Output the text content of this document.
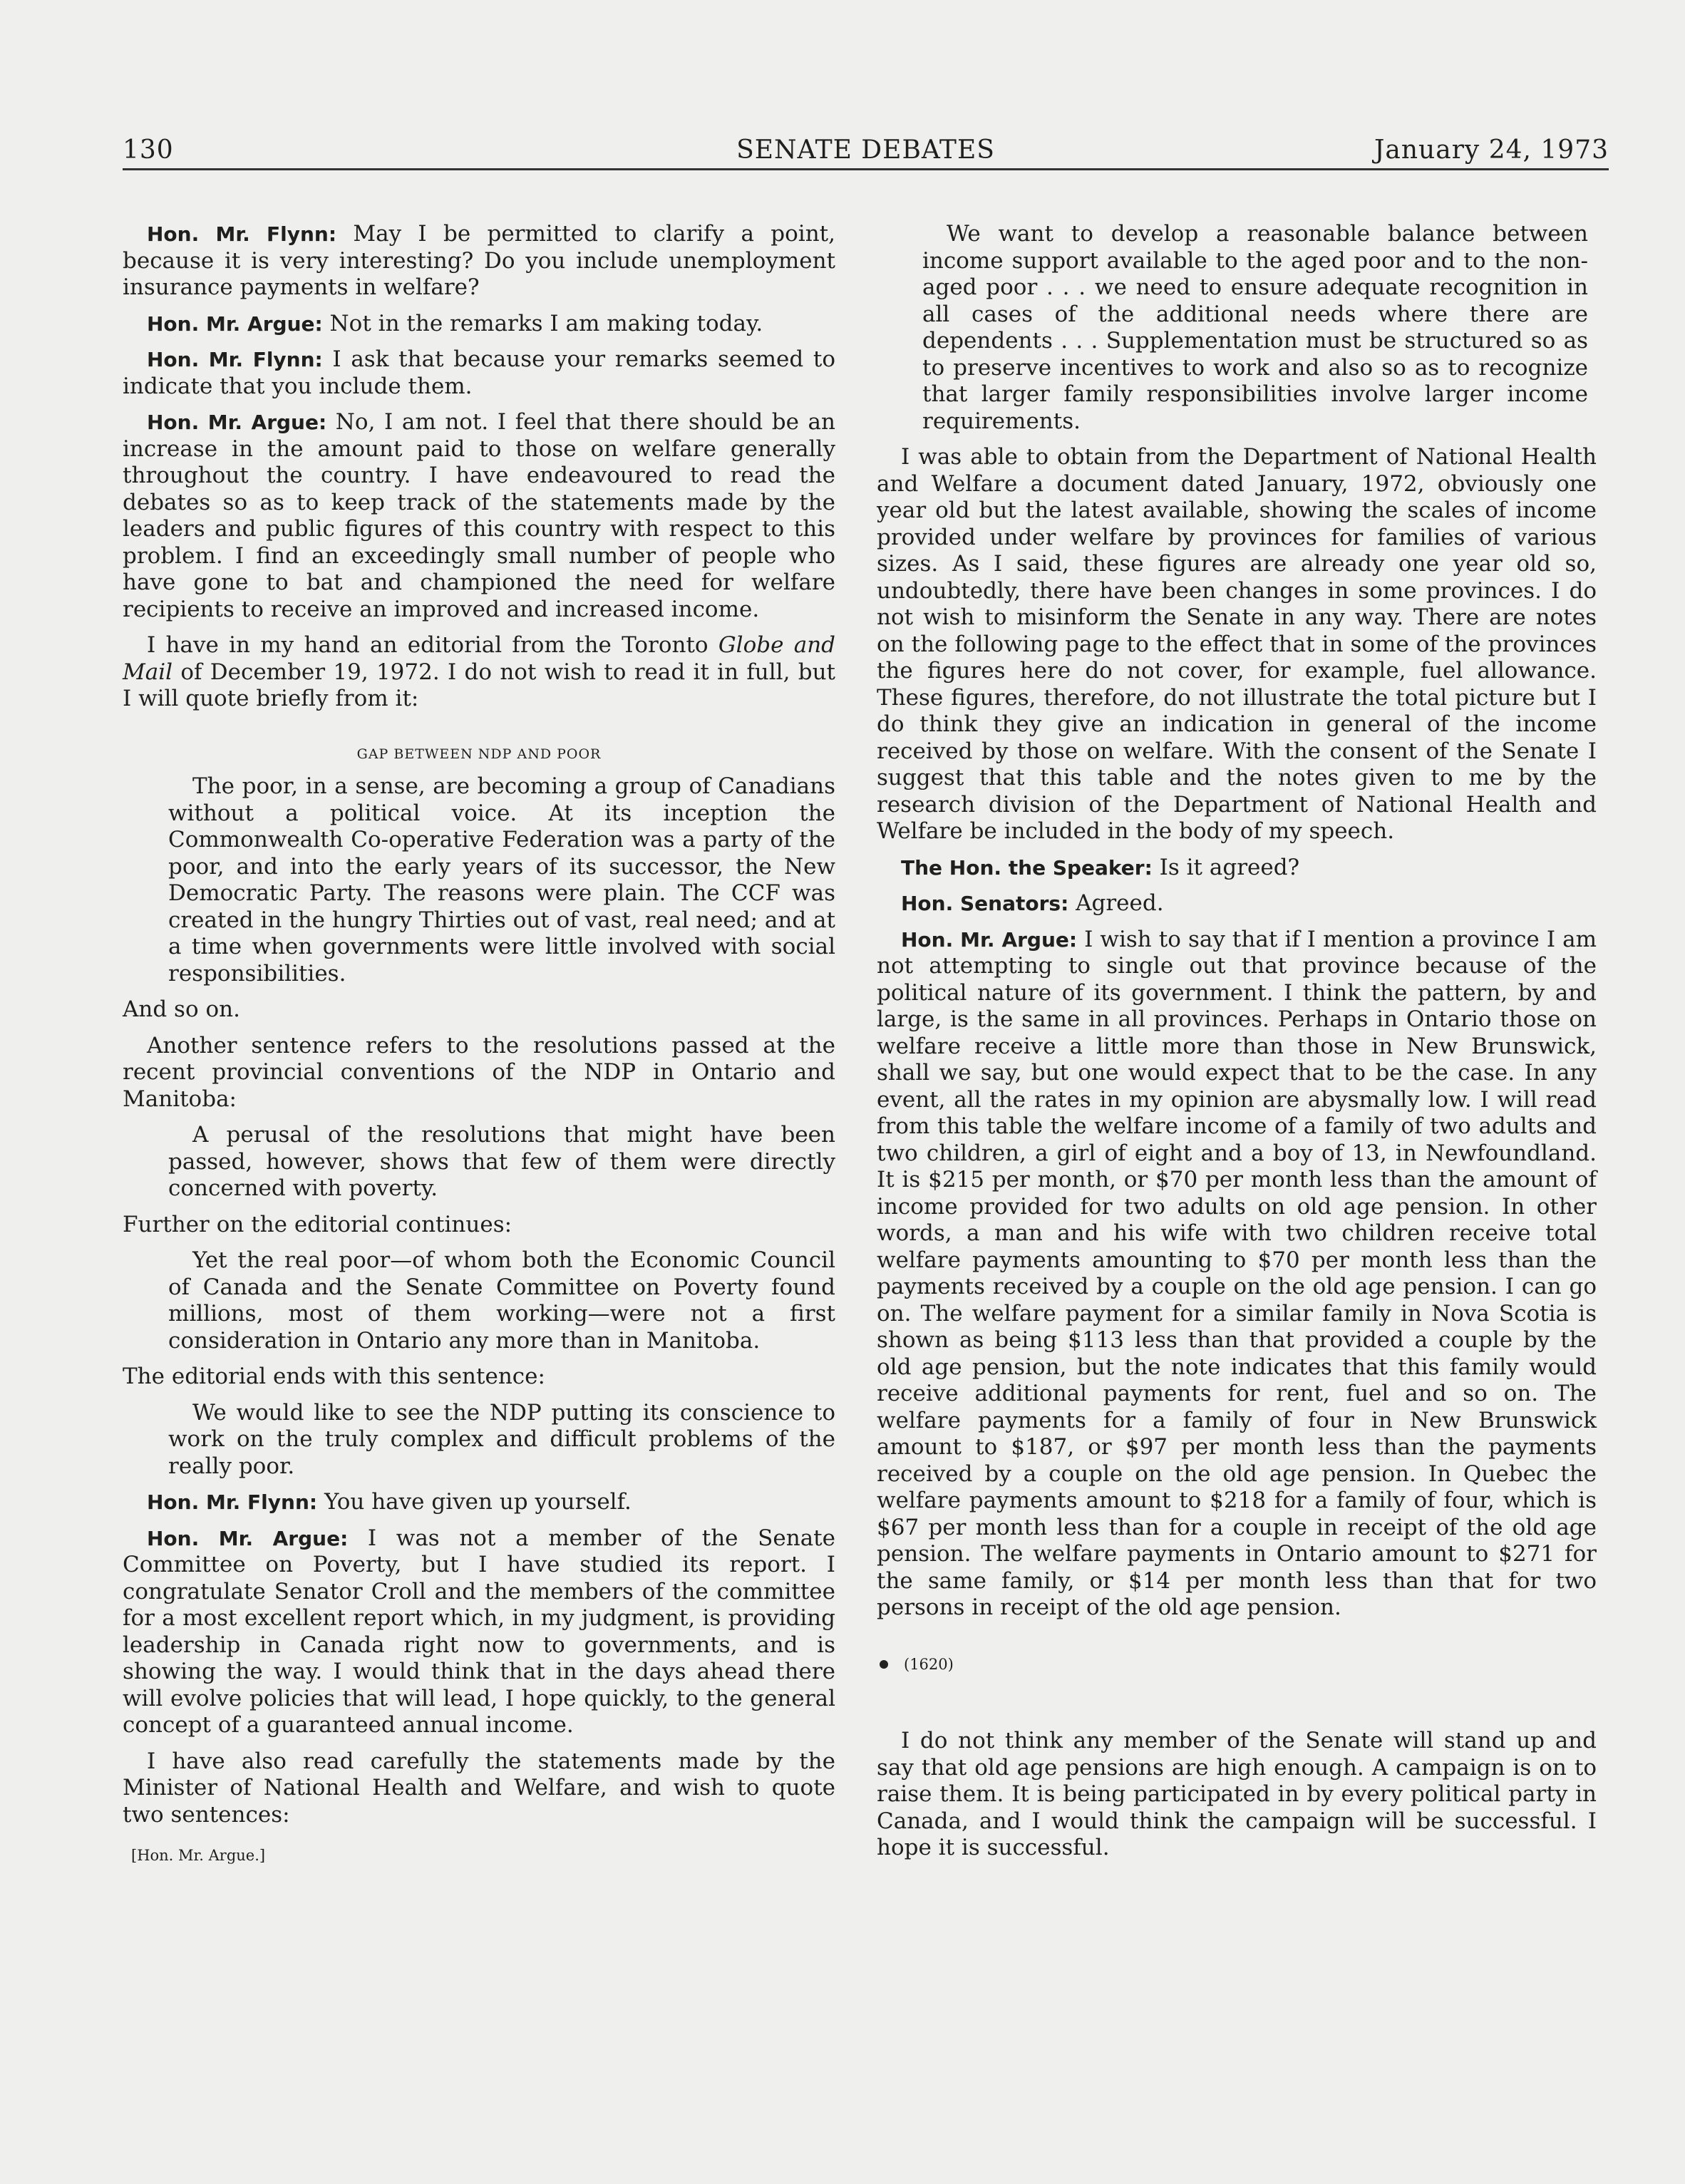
130	SENATE DEBATES	January 24, 1973

Hon. Mr. Flynn: May I be permitted to clarify a point, because it is very interesting? Do you include unemployment insurance payments in welfare?

Hon. Mr. Argue: Not in the remarks I am making today.

Hon. Mr. Flynn: I ask that because your remarks seemed to indicate that you include them.

Hon. Mr. Argue: No, I am not. I feel that there should be an increase in the amount paid to those on welfare generally throughout the country. I have endeavoured to read the debates so as to keep track of the statements made by the leaders and public figures of this country with respect to this problem. I find an exceedingly small number of people who have gone to bat and championed the need for welfare recipients to receive an improved and increased income.

I have in my hand an editorial from the Toronto Globe and Mail of December 19, 1972. I do not wish to read it in full, but I will quote briefly from it:

GAP BETWEEN NDP AND POOR

The poor, in a sense, are becoming a group of Canadians without a political voice. At its inception the Commonwealth Co-operative Federation was a party of the poor, and into the early years of its successor, the New Democratic Party. The reasons were plain. The CCF was created in the hungry Thirties out of vast, real need; and at a time when governments were little involved with social responsibilities.

And so on.

Another sentence refers to the resolutions passed at the recent provincial conventions of the NDP in Ontario and Manitoba:

A perusal of the resolutions that might have been passed, however, shows that few of them were directly concerned with poverty.

Further on the editorial continues:

Yet the real poor—of whom both the Economic Council of Canada and the Senate Committee on Poverty found millions, most of them working—were not a first consideration in Ontario any more than in Manitoba.

The editorial ends with this sentence:

We would like to see the NDP putting its conscience to work on the truly complex and difficult problems of the really poor.

Hon. Mr. Flynn: You have given up yourself.

Hon. Mr. Argue: I was not a member of the Senate Committee on Poverty, but I have studied its report. I congratulate Senator Croll and the members of the committee for a most excellent report which, in my judgment, is providing leadership in Canada right now to governments, and is showing the way. I would think that in the days ahead there will evolve policies that will lead, I hope quickly, to the general concept of a guaranteed annual income.

I have also read carefully the statements made by the Minister of National Health and Welfare, and wish to quote two sentences:

[Hon. Mr. Argue.]

We want to develop a reasonable balance between income support available to the aged poor and to the non-aged poor . . . we need to ensure adequate recognition in all cases of the additional needs where there are dependents . . . Supplementation must be structured so as to preserve incentives to work and also so as to recognize that larger family responsibilities involve larger income requirements.

I was able to obtain from the Department of National Health and Welfare a document dated January, 1972, obviously one year old but the latest available, showing the scales of income provided under welfare by provinces for families of various sizes. As I said, these figures are already one year old so, undoubtedly, there have been changes in some provinces. I do not wish to misinform the Senate in any way. There are notes on the following page to the effect that in some of the provinces the figures here do not cover, for example, fuel allowance. These figures, therefore, do not illustrate the total picture but I do think they give an indication in general of the income received by those on welfare. With the consent of the Senate I suggest that this table and the notes given to me by the research division of the Department of National Health and Welfare be included in the body of my speech.

The Hon. the Speaker: Is it agreed?

Hon. Senators: Agreed.

Hon. Mr. Argue: I wish to say that if I mention a province I am not attempting to single out that province because of the political nature of its government. I think the pattern, by and large, is the same in all provinces. Perhaps in Ontario those on welfare receive a little more than those in New Brunswick, shall we say, but one would expect that to be the case. In any event, all the rates in my opinion are abysmally low. I will read from this table the welfare income of a family of two adults and two children, a girl of eight and a boy of 13, in Newfoundland. It is $215 per month, or $70 per month less than the amount of income provided for two adults on old age pension. In other words, a man and his wife with two children receive total welfare payments amounting to $70 per month less than the payments received by a couple on the old age pension. I can go on. The welfare payment for a similar family in Nova Scotia is shown as being $113 less than that provided a couple by the old age pension, but the note indicates that this family would receive additional payments for rent, fuel and so on. The welfare payments for a family of four in New Brunswick amount to $187, or $97 per month less than the payments received by a couple on the old age pension. In Quebec the welfare payments amount to $218 for a family of four, which is $67 per month less than for a couple in receipt of the old age pension. The welfare payments in Ontario amount to $271 for the same family, or $14 per month less than that for two persons in receipt of the old age pension.

(1620)

I do not think any member of the Senate will stand up and say that old age pensions are high enough. A campaign is on to raise them. It is being participated in by every political party in Canada, and I would think the campaign will be successful. I hope it is successful.
